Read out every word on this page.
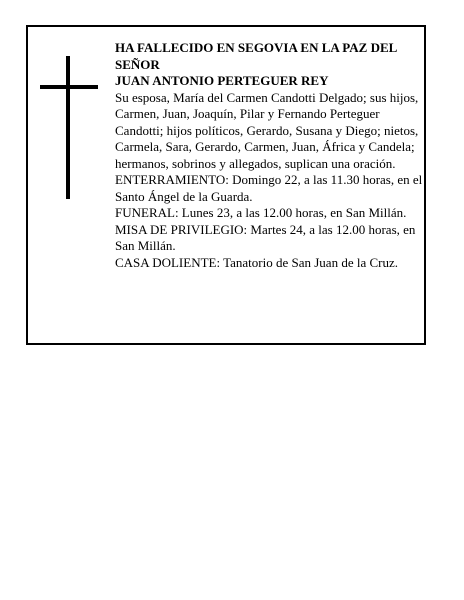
HA FALLECIDO EN SEGOVIA EN LA PAZ DEL SEÑOR

JUAN ANTONIO PERTEGUER REY

Su esposa, María del Carmen Candotti Delgado; sus hijos, Carmen, Juan, Joaquín, Pilar y Fernando Perteguer Candotti; hijos políticos, Gerardo, Susana y Diego; nietos, Carmela, Sara, Gerardo, Carmen, Juan, África y Candela; hermanos, sobrinos y allegados, suplican una oración.

ENTERRAMIENTO: Domingo 22, a las 11.30 horas, en el Santo Ángel de la Guarda.

FUNERAL: Lunes 23, a las 12.00 horas, en San Millán.

MISA DE PRIVILEGIO: Martes 24, a las 12.00 horas, en San Millán.

CASA DOLIENTE: Tanatorio de San Juan de la Cruz.
